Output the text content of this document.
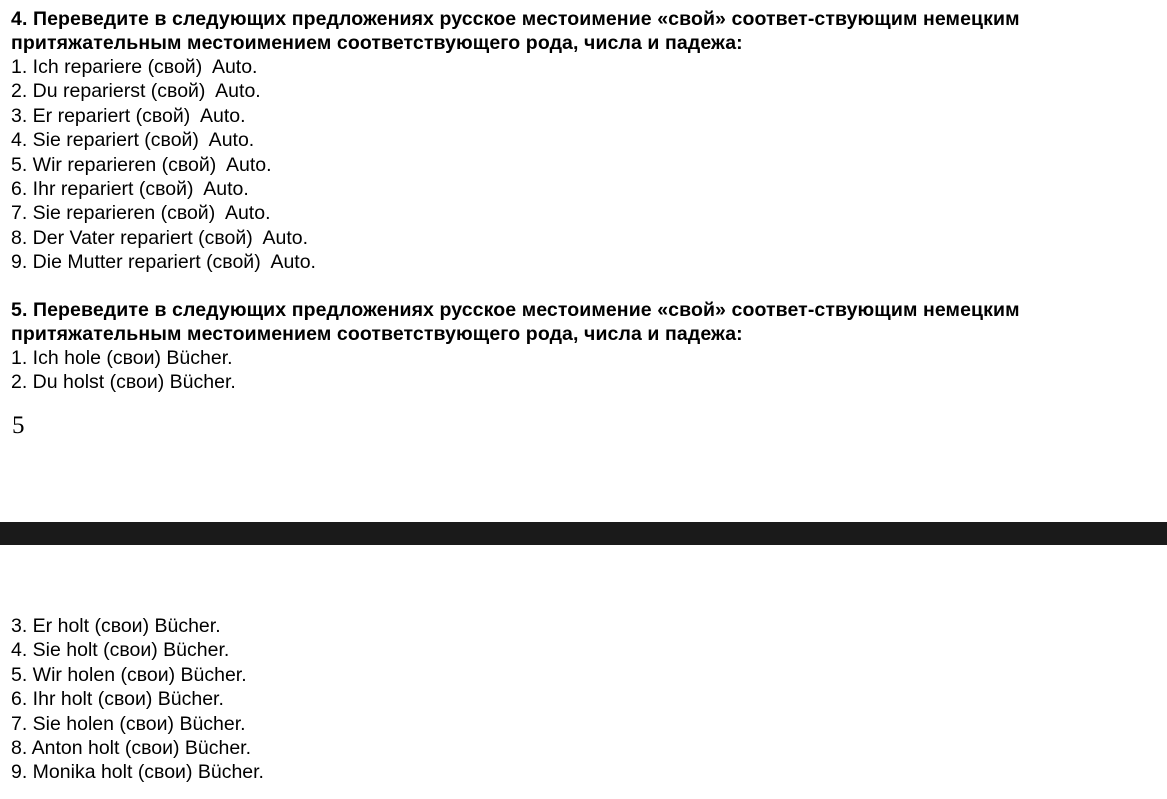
4. Переведите в следующих предложениях русское местоимение «свой» соответ-ствующим немецким притяжательным местоимением соответствующего рода, числа и падежа:

1. Ich repariere (свой)  Auto.
2. Du reparierst (свой)  Auto.
3. Er repariert (свой)  Auto.
4. Sie repariert (свой)  Auto.
5. Wir reparieren (свой)  Auto.
6. Ihr repariert (свой)  Auto.
7. Sie reparieren (свой)  Auto.
8. Der Vater repariert (свой)  Auto.
9. Die Mutter repariert (свой)  Auto.

5. Переведите в следующих предложениях русское местоимение «свой» соответ-ствующим немецким притяжательным местоимением соответствующего рода, числа и падежа:

1. Ich hole (свои) Bücher.
2. Du holst (свои) Bücher.
5
3. Er holt (свои) Bücher.
4. Sie holt (свои) Bücher.
5. Wir holen (свои) Bücher.
6. Ihr holt (свои) Bücher.
7. Sie holen (свои) Bücher.
8. Anton holt (свои) Bücher.
9. Monika holt (свои) Bücher.
